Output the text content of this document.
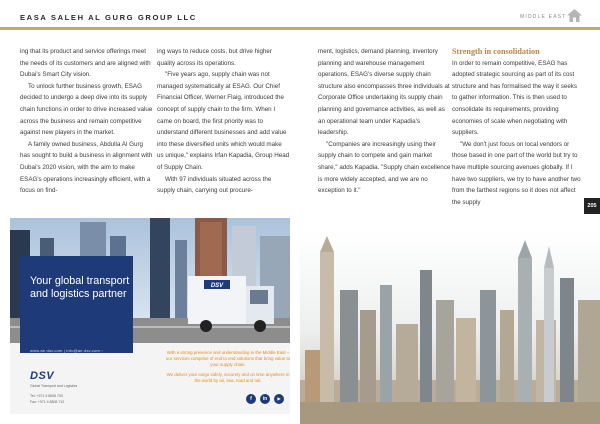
EASA SALEH AL GURG GROUP LLC	MIDDLE EAST

ing that its product and service offerings meet the needs of its customers and are aligned with Dubai's Smart City vision.

To unlock further business growth, ESAG decided to undergo a deep dive into its supply chain functions in order to drive increased value across the business and remain competitive against new players in the market.

A family owned business, Abdulla Al Gurg has sought to build a business in alignment with Dubai's 2020 vision, with the aim to make ESAG's operations increasingly efficient, with a focus on find-

ing ways to reduce costs, but drive higher quality across its operations.

"Five years ago, supply chain was not managed systematically at ESAG. Our Chief Financial Officer, Werner Flaig, introduced the concept of supply chain to the firm. When I came on board, the first priority was to understand different businesses and add value into these diversified units which would make us unique," explains Irfan Kapadia, Group Head of Supply Chain.

With 97 individuals situated across the supply chain, carrying out procure-

ment, logistics, demand planning, inventory planning and warehouse management operations, ESAG's diverse supply chain structure also encompasses three individuals at Corporate Office undertaking its supply chain planning and governance activities, as well as an operational team under Kapadia's leadership.

"Companies are increasingly using their supply chain to compete and gain market share," adds Kapadia. "Supply chain excellence is more widely accepted, and we are no exception to it."

Strength in consolidation

In order to remain competitive, ESAG has adopted strategic sourcing as part of its cost structure and has formalised the way it seeks to gather information. This is then used to consolidate its requirements, providing economies of scale when negotiating with suppliers.

"We don't just focus on local vendors or those based in one part of the world but try to have multiple sourcing avenues globally. If I have two suppliers, we try to have another two from the farthest regions so it does not affect the supply

205
DSV
Your global transport and logistics partner
www.ae.dsv.com | info@ae.dsv.com ›
DSV
Global Transport and Logistics
Tel: +971 4 8808 700
Fax: +971 4 8808 710

With a strong presence and understanding in the Middle East – our services comprise of end to end solutions that bring value to your supply chain.

We deliver your cargo safely, securely and on time anywhere in the world by air, sea, road and rail.

f	in	▶
